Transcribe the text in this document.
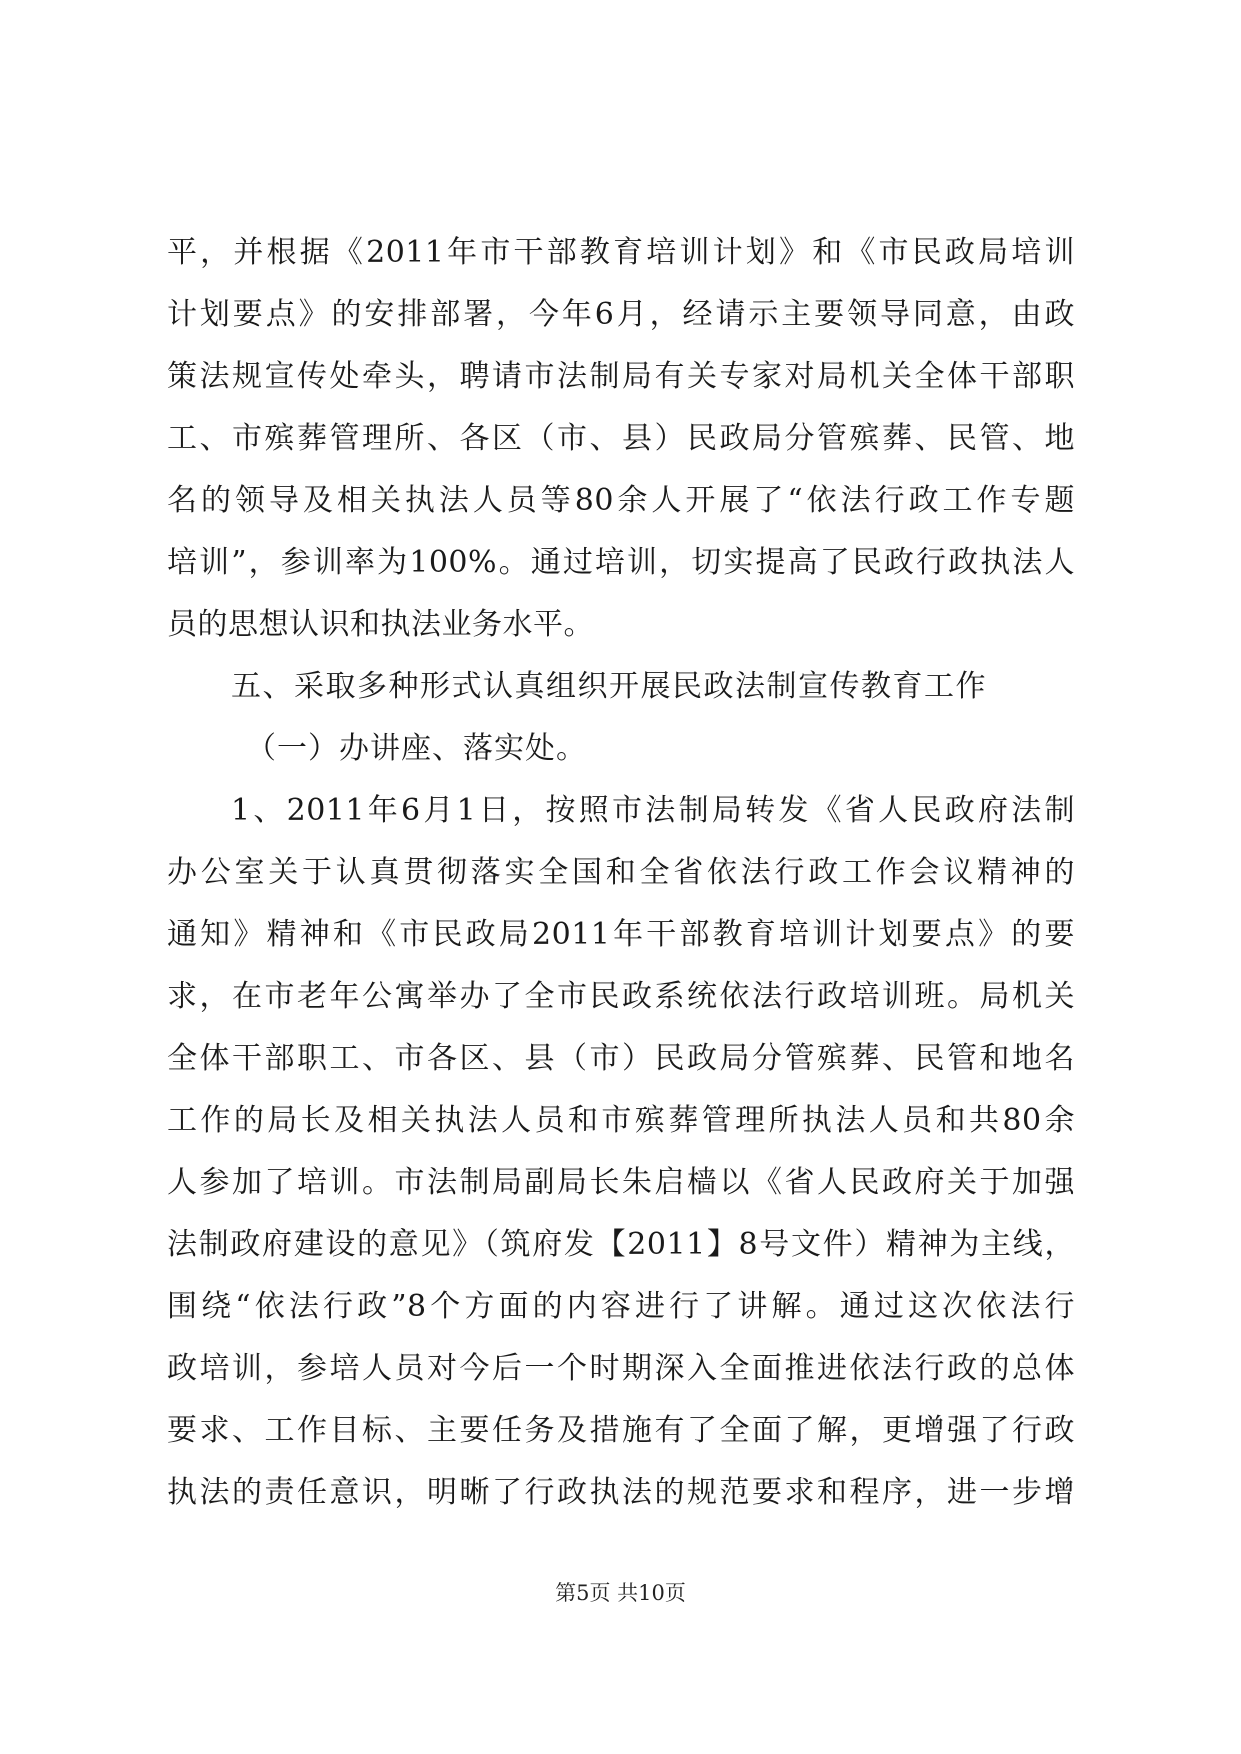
平，并根据《2011年市干部教育培训计划》和《市民政局培训
计划要点》的安排部署，今年6月，经请示主要领导同意，由政
策法规宣传处牵头，聘请市法制局有关专家对局机关全体干部职
工、市殡葬管理所、各区（市、县）民政局分管殡葬、民管、地
名的领导及相关执法人员等80余人开展了“依法行政工作专题
培训”，参训率为100%。通过培训，切实提高了民政行政执法人
员的思想认识和执法业务水平。
五、采取多种形式认真组织开展民政法制宣传教育工作
（一）办讲座、落实处。
1、2011年6月1日，按照市法制局转发《省人民政府法制
办公室关于认真贯彻落实全国和全省依法行政工作会议精神的
通知》精神和《市民政局2011年干部教育培训计划要点》的要
求，在市老年公寓举办了全市民政系统依法行政培训班。局机关
全体干部职工、市各区、县（市）民政局分管殡葬、民管和地名
工作的局长及相关执法人员和市殡葬管理所执法人员和共80余
人参加了培训。市法制局副局长朱启樯以《省人民政府关于加强
法制政府建设的意见》（筑府发【2011】8号文件）精神为主线，
围绕“依法行政”8个方面的内容进行了讲解。通过这次依法行
政培训，参培人员对今后一个时期深入全面推进依法行政的总体
要求、工作目标、主要任务及措施有了全面了解，更增强了行政
执法的责任意识，明晰了行政执法的规范要求和程序，进一步增
第5页 共10页
